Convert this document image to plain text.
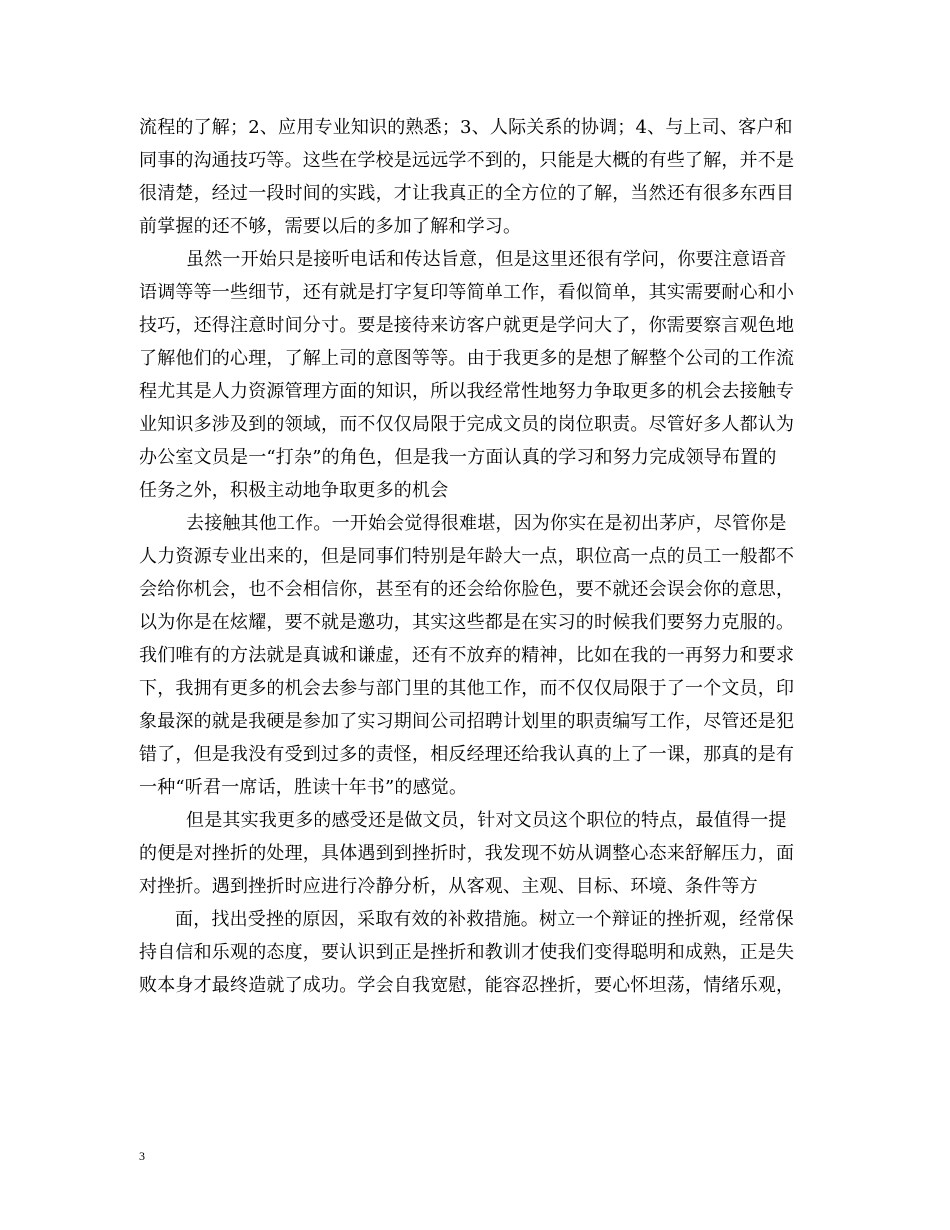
流程的了解；2、应用专业知识的熟悉；3、人际关系的协调；4、与上司、客户和
同事的沟通技巧等。这些在学校是远远学不到的，只能是大概的有些了解，并不是
很清楚，经过一段时间的实践，才让我真正的全方位的了解，当然还有很多东西目
前掌握的还不够，需要以后的多加了解和学习。
虽然一开始只是接听电话和传达旨意，但是这里还很有学问，你要注意语音
语调等等一些细节，还有就是打字复印等简单工作，看似简单，其实需要耐心和小
技巧，还得注意时间分寸。要是接待来访客户就更是学问大了，你需要察言观色地
了解他们的心理，了解上司的意图等等。由于我更多的是想了解整个公司的工作流
程尤其是人力资源管理方面的知识，所以我经常性地努力争取更多的机会去接触专
业知识多涉及到的领域，而不仅仅局限于完成文员的岗位职责。尽管好多人都认为
办公室文员是一“打杂”的角色，但是我一方面认真的学习和努力完成领导布置的
任务之外，积极主动地争取更多的机会
去接触其他工作。一开始会觉得很难堪，因为你实在是初出茅庐，尽管你是
人力资源专业出来的，但是同事们特别是年龄大一点，职位高一点的员工一般都不
会给你机会，也不会相信你，甚至有的还会给你脸色，要不就还会误会你的意思，
以为你是在炫耀，要不就是邀功，其实这些都是在实习的时候我们要努力克服的。
我们唯有的方法就是真诚和谦虚，还有不放弃的精神，比如在我的一再努力和要求
下，我拥有更多的机会去参与部门里的其他工作，而不仅仅局限于了一个文员，印
象最深的就是我硬是参加了实习期间公司招聘计划里的职责编写工作，尽管还是犯
错了，但是我没有受到过多的责怪，相反经理还给我认真的上了一课，那真的是有
一种“听君一席话，胜读十年书”的感觉。
但是其实我更多的感受还是做文员，针对文员这个职位的特点，最值得一提
的便是对挫折的处理，具体遇到到挫折时，我发现不妨从调整心态来舒解压力，面
对挫折。遇到挫折时应进行冷静分析，从客观、主观、目标、环境、条件等方
面，找出受挫的原因，采取有效的补救措施。树立一个辩证的挫折观，经常保
持自信和乐观的态度，要认识到正是挫折和教训才使我们变得聪明和成熟，正是失
败本身才最终造就了成功。学会自我宽慰，能容忍挫折，要心怀坦荡，情绪乐观，
3
